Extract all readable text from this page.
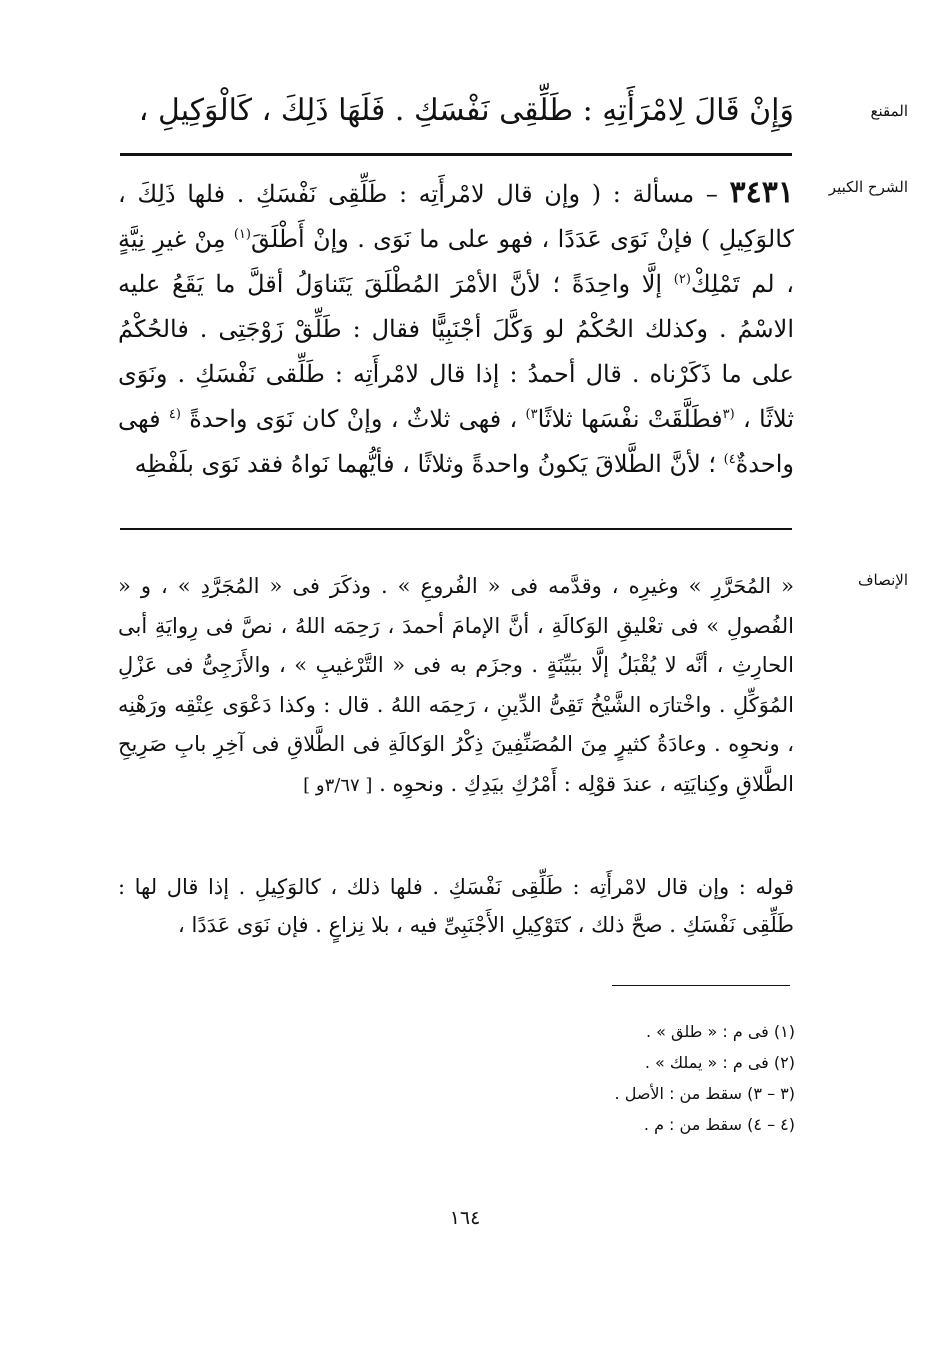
المقنع

وَإِنْ قَالَ لِامْرَأَتِهِ : طَلِّقِى نَفْسَكِ . فَلَهَا ذَلِكَ ، كَالْوَكِيلِ ،

الشرح الكبير

٣٤٣١ – مسألة : ( وإن قال لامْرأَتِه : طَلِّقِى نَفْسَكِ . فلها ذَلِكَ ، كالوَكِيلِ ) فإنْ نَوَى عَدَدًا ، فهو على ما نَوَى . وإنْ أَطْلَقَ$^{(١)}$ مِنْ غيرِ نِيَّةٍ ، لم تَمْلِكْ$^{(٢)}$ إلَّا واحِدَةً ؛ لأنَّ الأمْرَ المُطْلَقَ يَتَناوَلُ أقلَّ ما يَقَعُ عليه الاسْمُ . وكذلك الحُكْمُ لو وَكَّلَ أجْنَبِيًّا فقال : طَلِّقْ زَوْجَتِى . فالحُكْمُ على ما ذَكَرْناه . قال أحمدُ : إذا قال لامْرأَتِه : طَلِّقى نَفْسَكِ . ونَوَى ثلاثًا ، $^{(٣}$فطَلَّقَتْ نفْسَها ثلاثًا$^{٣)}$ ، فهى ثلاثٌ ، وإنْ كان نَوَى واحدةً $^{(٤}$ فهى واحدةٌ$^{٤)}$ ؛ لأنَّ الطَّلاقَ يَكونُ واحدةً وثلاثًا ، فأيُّهما نَواهُ فقد نَوَى بلَفْظِه

الإنصاف

« المُحَرَّرِ » وغيرِه ، وقدَّمه فى « الفُروعِ » . وذكَرَ فى « المُجَرَّدِ » ، و « الفُصولِ » فى تعْليقِ الوَكالَةِ ، أنَّ الإمامَ أحمدَ ، رَحِمَه اللهُ ، نصَّ فى رِوايَةِ أبى الحارِثِ ، أنَّه لا يُقْبَلُ إلَّا ببَيِّنَةٍ . وجزَم به فى « التَّرْغيبِ » ، والأَزَجِىُّ فى عَزْلِ المُوَكِّلِ . واخْتارَه الشَّيْخُ تَقِىُّ الدِّينِ ، رَحِمَه اللهُ . قال : وكذا دَعْوَى عِتْقِه ورَهْنِه ، ونحوِه . وعادَةُ كثيرٍ مِنَ المُصَنِّفِينَ ذِكْرُ الوَكالَةِ فى الطَّلاقِ فى آخِرِ بابِ صَرِيحِ الطَّلاقِ وكِنايَتِه ، عندَ قوْلِه : أَمْرُكِ بيَدِكِ . ونحوِه . [ ٣/٦٧و ]

قوله : وإن قال لامْرأَتِه : طَلِّقِى نَفْسَكِ . فلها ذلك ، كالوَكِيلِ . إذا قال لها : طَلِّقِى نَفْسَكِ . صحَّ ذلك ، كتَوْكِيلِ الأَجْنَبِىِّ فيه ، بلا نِزاعٍ . فإن نَوَى عَدَدًا ،

(١) فى م : « طلق » .
(٢) فى م : « يملك » .
(٣ – ٣) سقط من : الأصل .
(٤ – ٤) سقط من : م .
١٦٤
